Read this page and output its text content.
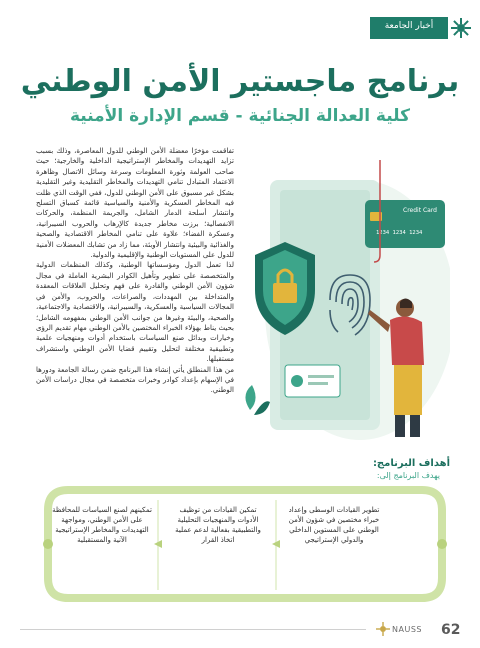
أخبار الجامعة
برنامج ماجستير الأمن الوطني
كلية العدالة الجنائية - قسم الإدارة الأمنية

تفاقمت مؤخرًا معضلة الأمن الوطني للدول المعاصرة، وذلك بسبب تزايد التهديدات والمخاطر الإستراتيجية الداخلية والخارجية؛ حيث صاحب العولمة وثورة المعلومات وسرعة وسائل الاتصال وظاهرة الاعتماد المتبادل تنامي التهديدات والمخاطر التقليدية وغير التقليدية بشكل غير مسبوق على الأمن الوطني للدول، ففي الوقت الذي ظلت فيه المخاطر العسكرية والأمنية والسياسية قائمة كسباق التسلح وانتشار أسلحة الدمار الشامل، والجريمة المنظمة، والحركات الانفصالية؛ برزت مخاطر جديدة كالإرهاب والحروب السيبرانية، وعسكرة الفضاء؛ علاوة على تنامي المخاطر الاقتصادية والصحية والغذائية والبيئية وانتشار الأوبئة، مما زاد من تشابك المعضلات الأمنية للدول على المستويات الوطنية والإقليمية والدولية.

لذا تعمل الدول ومؤسساتها الوطنية، وكذلك المنظمات الدولية والمتخصصة على تطوير وتأهيل الكوادر البشرية العاملة في مجال شؤون الأمن الوطني والقادرة على فهم وتحليل العلاقات المعقدة والمتداخلة بين المهددات، والصراعات، والحروب، والأمن في المجالات السياسية والعسكرية، والسيبرانية، والاقتصادية والاجتماعية، والصحية، والبيئة وغيرها من جوانب الأمن الوطني بمفهومه الشامل؛ بحيث يناط بهؤلاء الخبراء المختصين بالأمن الوطني مهام تقديم الرؤى وخيارات وبدائل صنع السياسات باستخدام أدوات ومنهجيات علمية وتطبيقية مختلفة لتحليل وتقييم قضايا الأمن الوطني واستشراف مستقبلها.

من هذا المنطلق يأتي إنشاء هذا البرنامج ضمن رسالة الجامعة ودورها في الإسهام بإعداد كوادر وخبرات متخصصة في مجال دراسات الأمن الوطني.

Credit Card
1234 1234 1234
أهداف البرنامج:
يهدف البرنامج إلى:
تطوير القيادات الوسطى وإعداد خبراء مختصين في شؤون الأمن الوطني على المستوين الداخلي والدولي الإستراتيجي
تمكين القيادات من توظيف الأدوات والمنهجيات التحليلية والتطبيقية بفعالية لدعم عملية اتخاذ القرار
تمكينهم لصنع السياسات للمحافظة على الأمن الوطني، ومواجهة التهديدات والمخاطر الإستراتيجية الآنية والمستقبلية
NAUSS 62
